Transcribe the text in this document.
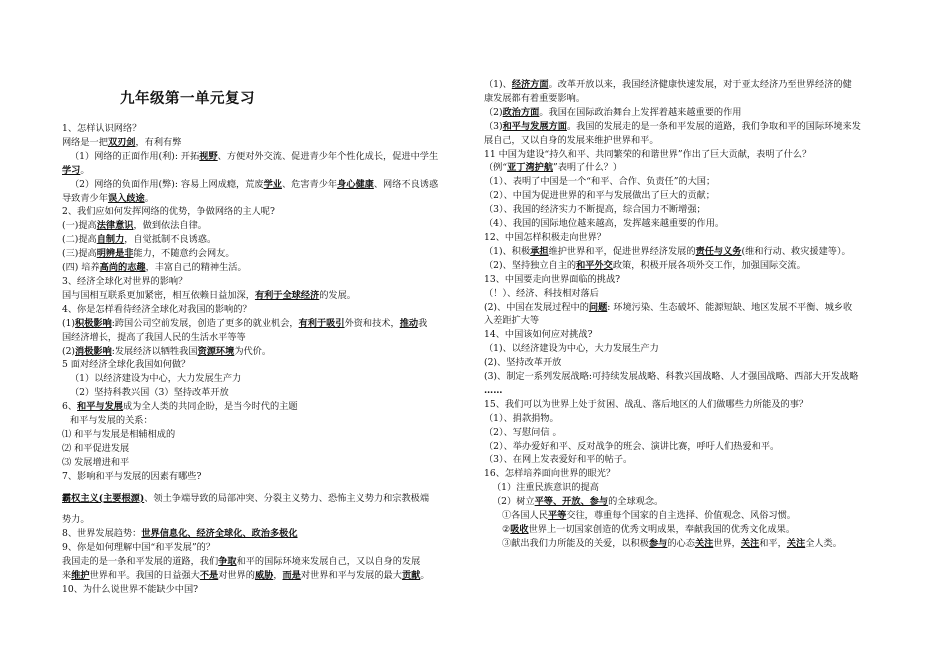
九年级第一单元复习
1、怎样认识网络？
网络是一把双刃剑，有利有弊
（1）网络的正面作用(利): 开拓视野、方便对外交流、促进青少年个性化成长，促进中学生
学习。
（2）网络的负面作用(弊): 容易上网成瘾，荒废学业、危害青少年身心健康、网络不良诱惑
导致青少年误入歧途。
2、我们应如何发挥网络的优势，争做网络的主人呢?
(一)提高法律意识，做到依法自律。
(二)提高自制力，自觉抵制不良诱惑。
(三)提高明辨是非能力，不随意约会网友。
(四) 培养高尚的志趣，丰富自己的精神生活。
3、经济全球化对世界的影响？
国与国相互联系更加紧密，相互依赖日益加深，有利于全球经济的发展。
4、你是怎样看待经济全球化对我国的影响的？
(1)积极影响:跨国公司空前发展，创造了更多的就业机会，有利于吸引外资和技术，推动我
国经济增长，提高了我国人民的生活水平等等
(2)消极影响:发展经济以牺牲我国资源环境为代价。
5 面对经济全球化我国如何做？
（1）以经济建设为中心，大力发展生产力
（2）坚持科教兴国（3）坚持改革开放
6、和平与发展成为全人类的共同企盼，是当今时代的主题
和平与发展的关系：
⑴ 和平与发展是相辅相成的
⑵ 和平促进发展
⑶ 发展增进和平
7、影响和平与发展的因素有哪些?
霸权主义(主要根源)、领土争端导致的局部冲突、分裂主义势力、恐怖主义势力和宗教极端
势力。
8、世界发展趋势：世界信息化、经济全球化、政治多极化
9、你是如何理解中国“和平发展”的？
我国走的是一条和平发展的道路，我们争取和平的国际环境来发展自己，又以自身的发展
来维护世界和平。我国的日益强大不是对世界的威胁，而是对世界和平与发展的最大贡献。
10、为什么说世界不能缺少中国?
（1)、经济方面。改革开放以来，我国经济健康快速发展，对于亚太经济乃至世界经济的健
康发展都有着重要影响。
（2)政治方面。我国在国际政治舞台上发挥着越来越重要的作用
（3)和平与发展方面。我国的发展走的是一条和平发展的道路，我们争取和平的国际环境来发
展自己，又以自身的发展来维护世界和平。
11 中国为建设“持久和平、共同繁荣的和谐世界”作出了巨大贡献，表明了什么？
（例“亚丁湾护航”表明了什么？）
（1）、表明了中国是一个“和平、合作、负责任”的大国；
（2）、中国为促进世界的和平与发展做出了巨大的贡献；
（3）、我国的经济实力不断提高，综合国力不断增强；
（4）、我国的国际地位越来越高，发挥越来越重要的作用。
12、中国怎样积极走向世界？
（1)、积极承担维护世界和平，促进世界经济发展的责任与义务(维和行动、救灾援建等）。
（2)、坚持独立自主的和平外交政策，积极开展各项外交工作，加强国际交流。
13、中国要走向世界面临的挑战?
（！）、经济、科技相对落后
(2)、中国在发展过程中的问题: 环境污染、生态破坏、能源短缺、地区发展不平衡、城乡收
入差距扩大等
14、中国该如何应对挑战?
（1)、以经济建设为中心，大力发展生产力
(2)、坚持改革开放
(3)、制定一系列发展战略:可持续发展战略、科教兴国战略、人才强国战略、西部大开发战略
……
15、我们可以为世界上处于贫困、战乱、落后地区的人们做哪些力所能及的事？
（1）、捐款捐物。
（2）、写慰问信 。
（2）、举办爱好和平、反对战争的班会、演讲比赛，呼吁人们热爱和平。
（3）、在网上发表爱好和平的帖子。
16、怎样培养面向世界的眼光？
（1）注重民族意识的提高
（2）树立平等、开放、参与的全球观念。
①各国人民平等交往，尊重每个国家的自主选择、价值观念、风俗习惯。
②吸收世界上一切国家创造的优秀文明成果，奉献我国的优秀文化成果。
③献出我们力所能及的关爱，以积极参与的心态关注世界，关注和平，关注全人类。
